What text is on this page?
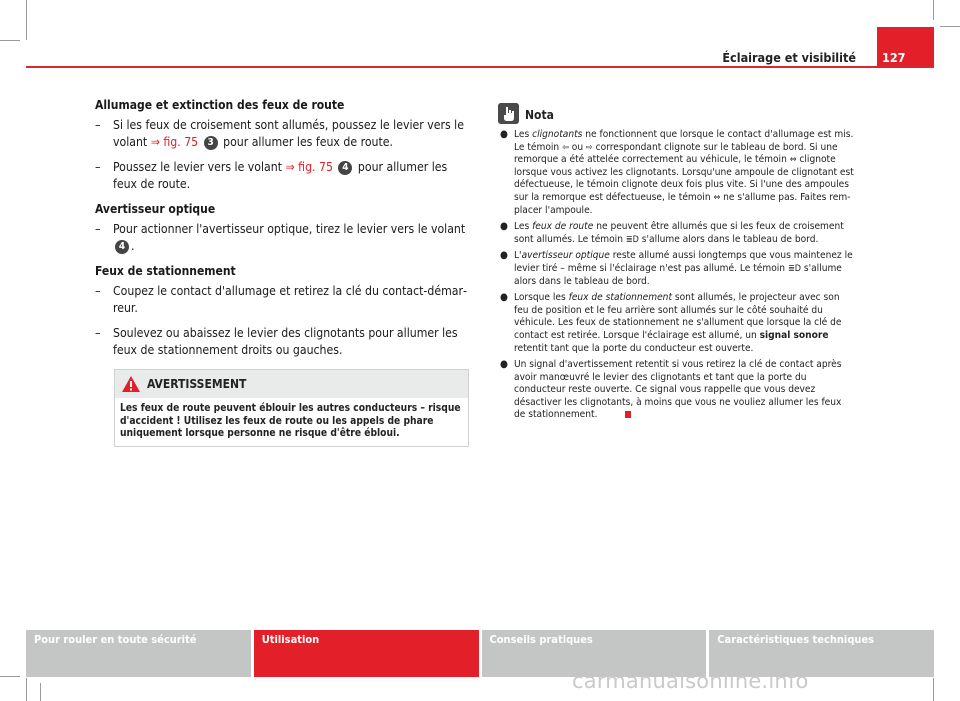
Éclairage et visibilité 127
Allumage et extinction des feux de route
– Si les feux de croisement sont allumés, poussez le levier vers le volant ⇒ fig. 75 3 pour allumer les feux de route.
– Poussez le levier vers le volant ⇒ fig. 75 4 pour allumer les feux de route.
Avertisseur optique
– Pour actionner l'avertisseur optique, tirez le levier vers le volant 4 .
Feux de stationnement
– Coupez le contact d'allumage et retirez la clé du contact-démarreur.
– Soulevez ou abaissez le levier des clignotants pour allumer les feux de stationnement droits ou gauches.
AVERTISSEMENT
Les feux de route peuvent éblouir les autres conducteurs – risque d'accident ! Utilisez les feux de route ou les appels de phare uniquement lorsque personne ne risque d'être ébloui.
Nota
● Les clignotants ne fonctionnent que lorsque le contact d'allumage est mis. Le témoin ⇦ ou ⇨ correspondant clignote sur le tableau de bord. Si une remorque a été attelée correctement au véhicule, le témoin ⇔ clignote lorsque vous activez les clignotants. Lorsqu'une ampoule de clignotant est défectueuse, le témoin clignote deux fois plus vite. Si l'une des ampoules sur la remorque est défectueuse, le témoin ⇔ ne s'allume pas. Faites remplacer l'ampoule.
● Les feux de route ne peuvent être allumés que si les feux de croisement sont allumés. Le témoin ≣D s'allume alors dans le tableau de bord.
● L'avertisseur optique reste allumé aussi longtemps que vous maintenez le levier tiré – même si l'éclairage n'est pas allumé. Le témoin ≣D s'allume alors dans le tableau de bord.
● Lorsque les feux de stationnement sont allumés, le projecteur avec son feu de position et le feu arrière sont allumés sur le côté souhaité du véhicule. Les feux de stationnement ne s'allument que lorsque la clé de contact est retirée. Lorsque l'éclairage est allumé, un signal sonore retentit tant que la porte du conducteur est ouverte.
● Un signal d'avertissement retentit si vous retirez la clé de contact après avoir manœuvré le levier des clignotants et tant que la porte du conducteur reste ouverte. Ce signal vous rappelle que vous devez désactiver les clignotants, à moins que vous ne vouliez allumer les feux de stationnement.
Pour rouler en toute sécurité	Utilisation	Conseils pratiques	Caractéristiques techniques
carmanualsonline.info
